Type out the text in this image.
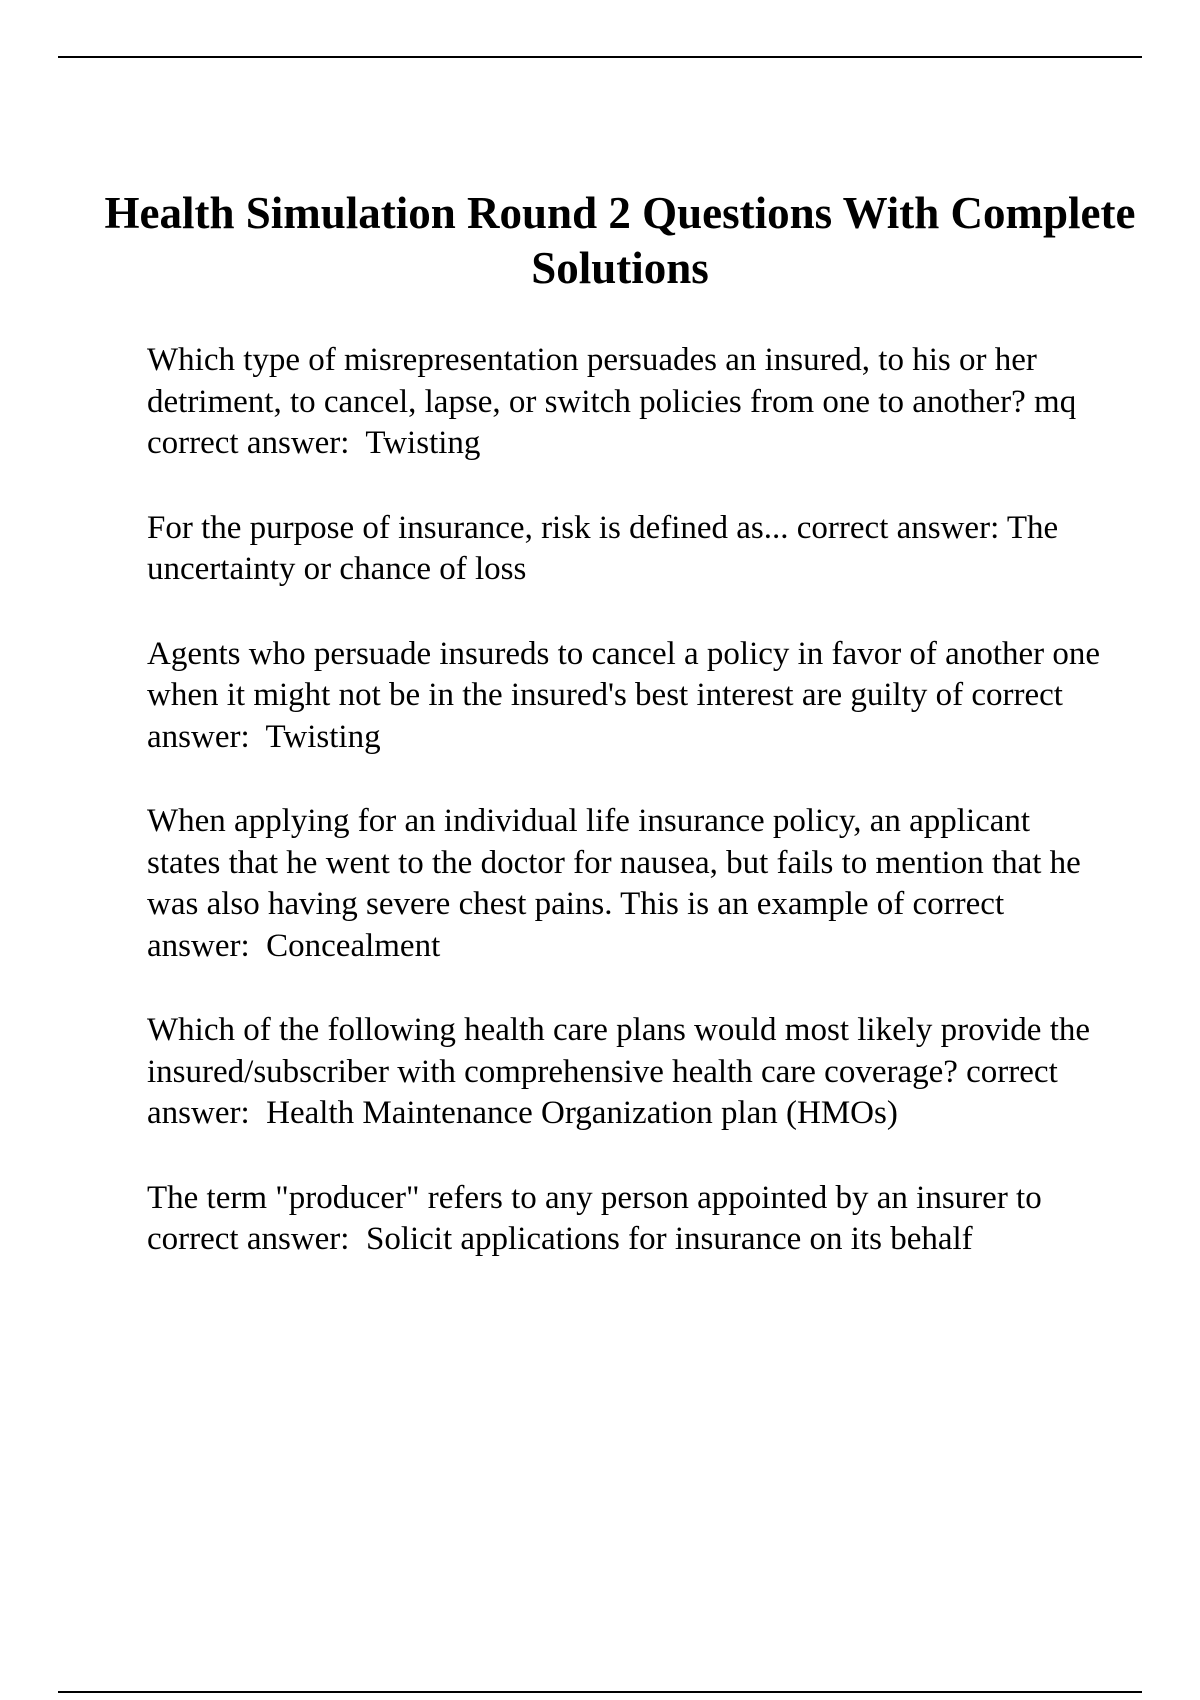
Health Simulation Round 2 Questions With Complete Solutions

Which type of misrepresentation persuades an insured, to his or her detriment, to cancel, lapse, or switch policies from one to another? mq correct answer: Twisting

For the purpose of insurance, risk is defined as... correct answer: The uncertainty or chance of loss

Agents who persuade insureds to cancel a policy in favor of another one when it might not be in the insured's best interest are guilty of correct answer: Twisting

When applying for an individual life insurance policy, an applicant states that he went to the doctor for nausea, but fails to mention that he was also having severe chest pains. This is an example of correct answer: Concealment

Which of the following health care plans would most likely provide the insured/subscriber with comprehensive health care coverage? correct answer: Health Maintenance Organization plan (HMOs)

The term "producer" refers to any person appointed by an insurer to correct answer: Solicit applications for insurance on its behalf
